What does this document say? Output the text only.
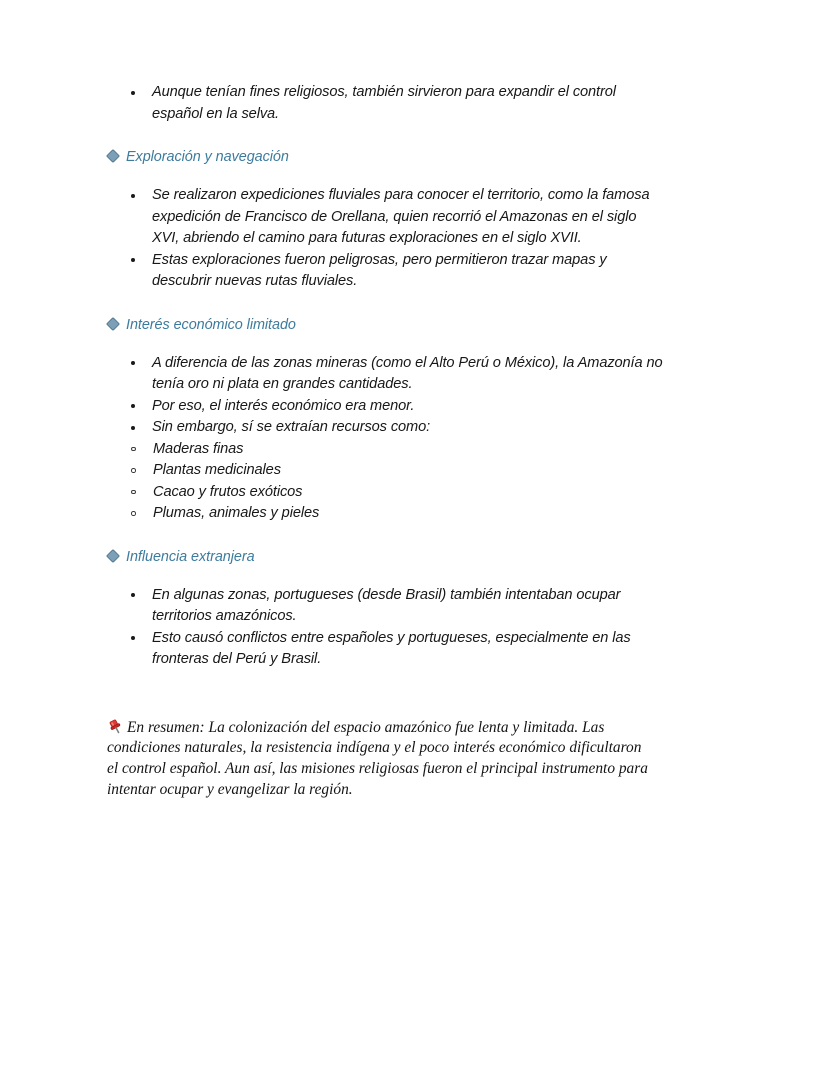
Aunque tenían fines religiosos, también sirvieron para expandir el control español en la selva.
Exploración y navegación
Se realizaron expediciones fluviales para conocer el territorio, como la famosa expedición de Francisco de Orellana, quien recorrió el Amazonas en el siglo XVI, abriendo el camino para futuras exploraciones en el siglo XVII.
Estas exploraciones fueron peligrosas, pero permitieron trazar mapas y descubrir nuevas rutas fluviales.
Interés económico limitado
A diferencia de las zonas mineras (como el Alto Perú o México), la Amazonía no tenía oro ni plata en grandes cantidades.
Por eso, el interés económico era menor.
Sin embargo, sí se extraían recursos como:
Maderas finas
Plantas medicinales
Cacao y frutos exóticos
Plumas, animales y pieles
Influencia extranjera
En algunas zonas, portugueses (desde Brasil) también intentaban ocupar territorios amazónicos.
Esto causó conflictos entre españoles y portugueses, especialmente en las fronteras del Perú y Brasil.

En resumen: La colonización del espacio amazónico fue lenta y limitada. Las condiciones naturales, la resistencia indígena y el poco interés económico dificultaron el control español. Aun así, las misiones religiosas fueron el principal instrumento para intentar ocupar y evangelizar la región.
